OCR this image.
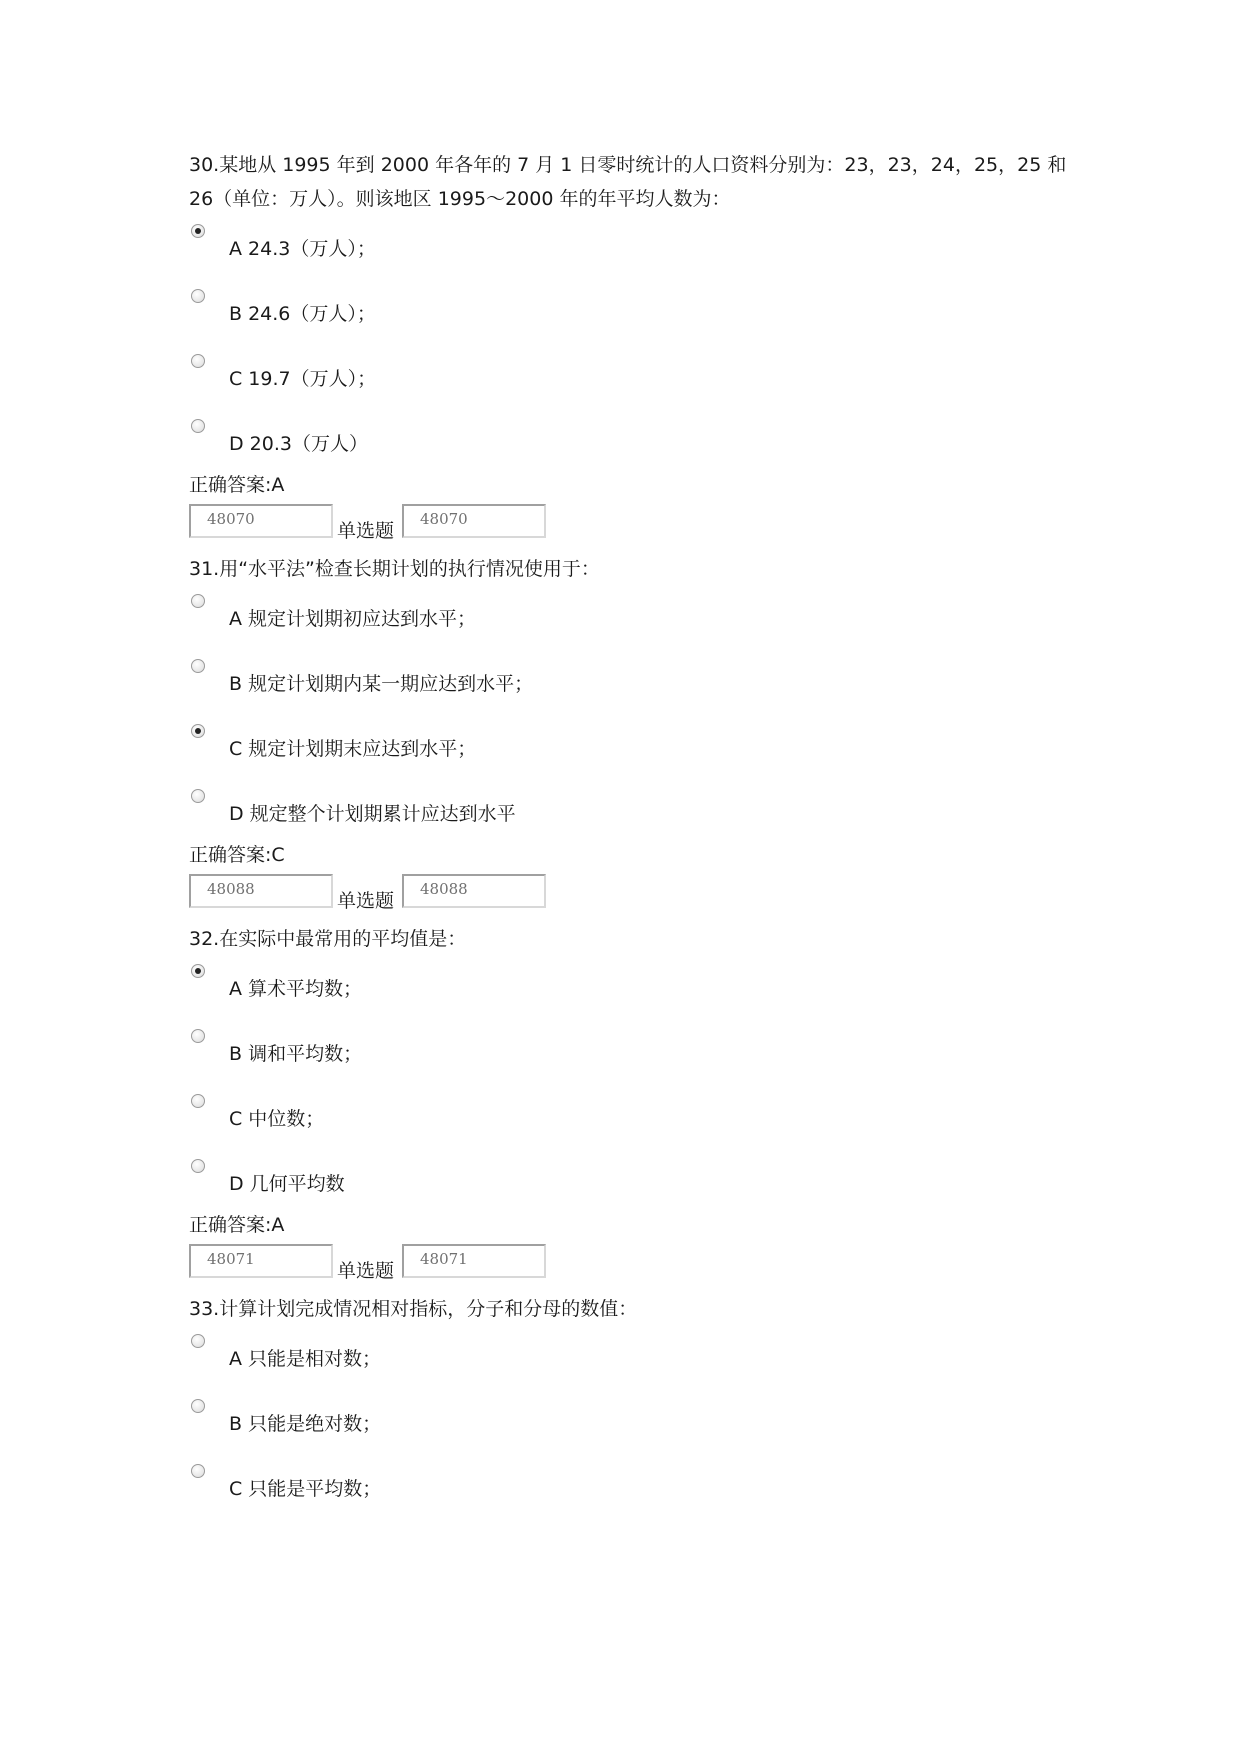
30.某地从 1995 年到 2000 年各年的 7 月 1 日零时统计的人口资料分别为：23，23，24，25，25 和 26（单位：万人）。则该地区 1995～2000 年的年平均人数为：

A 24.3（万人）；
B 24.6（万人）；
C 19.7（万人）；
D 20.3（万人）
正确答案:A
48070
单选题
48070

31.用“水平法”检查长期计划的执行情况使用于：

A 规定计划期初应达到水平；
B 规定计划期内某一期应达到水平；
C 规定计划期末应达到水平；
D 规定整个计划期累计应达到水平
正确答案:C
48088
单选题
48088

32.在实际中最常用的平均值是：

A 算术平均数；
B 调和平均数；
C 中位数；
D 几何平均数
正确答案:A
48071
单选题
48071

33.计算计划完成情况相对指标，分子和分母的数值：

A 只能是相对数；
B 只能是绝对数；
C 只能是平均数；
